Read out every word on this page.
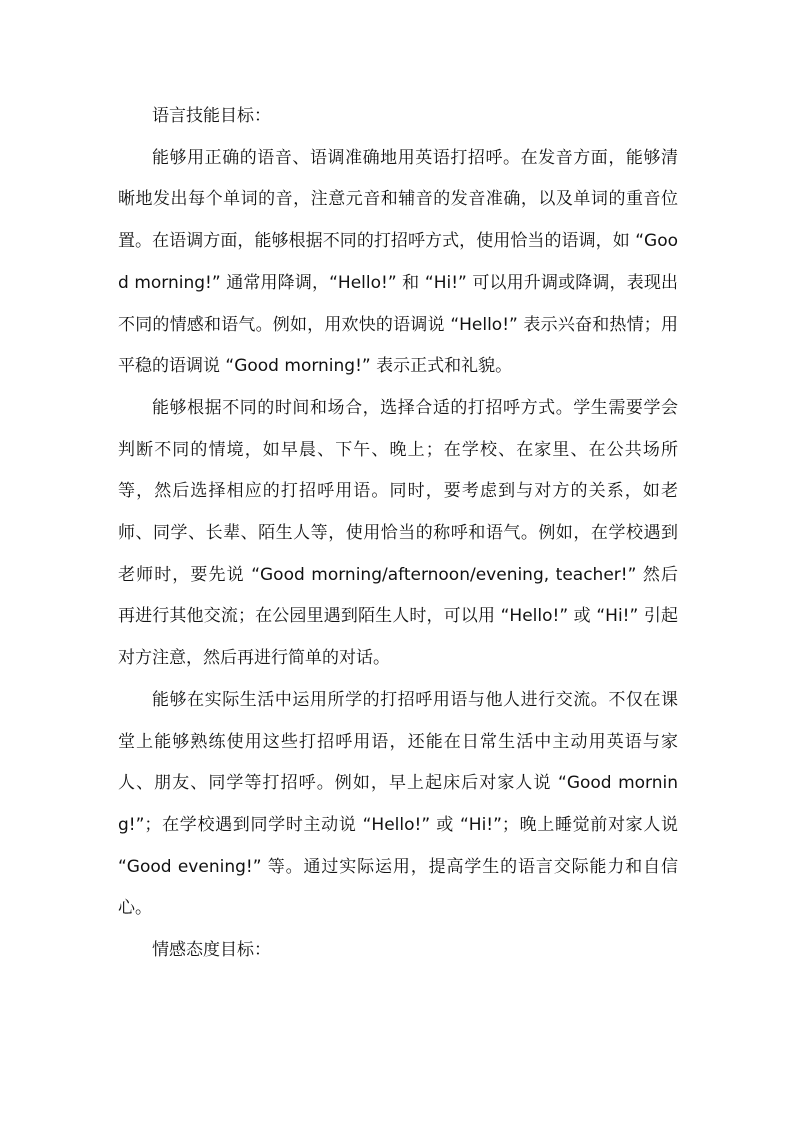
语言技能目标：

能够用正确的语音、语调准确地用英语打招呼。在发音方面，能够清晰地发出每个单词的音，注意元音和辅音的发音准确，以及单词的重音位置。在语调方面，能够根据不同的打招呼方式，使用恰当的语调，如 “Good morning!” 通常用降调，“Hello!” 和 “Hi!” 可以用升调或降调，表现出不同的情感和语气。例如，用欢快的语调说 “Hello!” 表示兴奋和热情；用平稳的语调说 “Good morning!” 表示正式和礼貌。

能够根据不同的时间和场合，选择合适的打招呼方式。学生需要学会判断不同的情境，如早晨、下午、晚上；在学校、在家里、在公共场所等，然后选择相应的打招呼用语。同时，要考虑到与对方的关系，如老师、同学、长辈、陌生人等，使用恰当的称呼和语气。例如，在学校遇到老师时，要先说 “Good morning/afternoon/evening, teacher!” 然后再进行其他交流；在公园里遇到陌生人时，可以用 “Hello!” 或 “Hi!” 引起对方注意，然后再进行简单的对话。

能够在实际生活中运用所学的打招呼用语与他人进行交流。不仅在课堂上能够熟练使用这些打招呼用语，还能在日常生活中主动用英语与家人、朋友、同学等打招呼。例如，早上起床后对家人说 “Good morning!”；在学校遇到同学时主动说 “Hello!” 或 “Hi!”；晚上睡觉前对家人说 “Good evening!” 等。通过实际运用，提高学生的语言交际能力和自信心。

情感态度目标：
